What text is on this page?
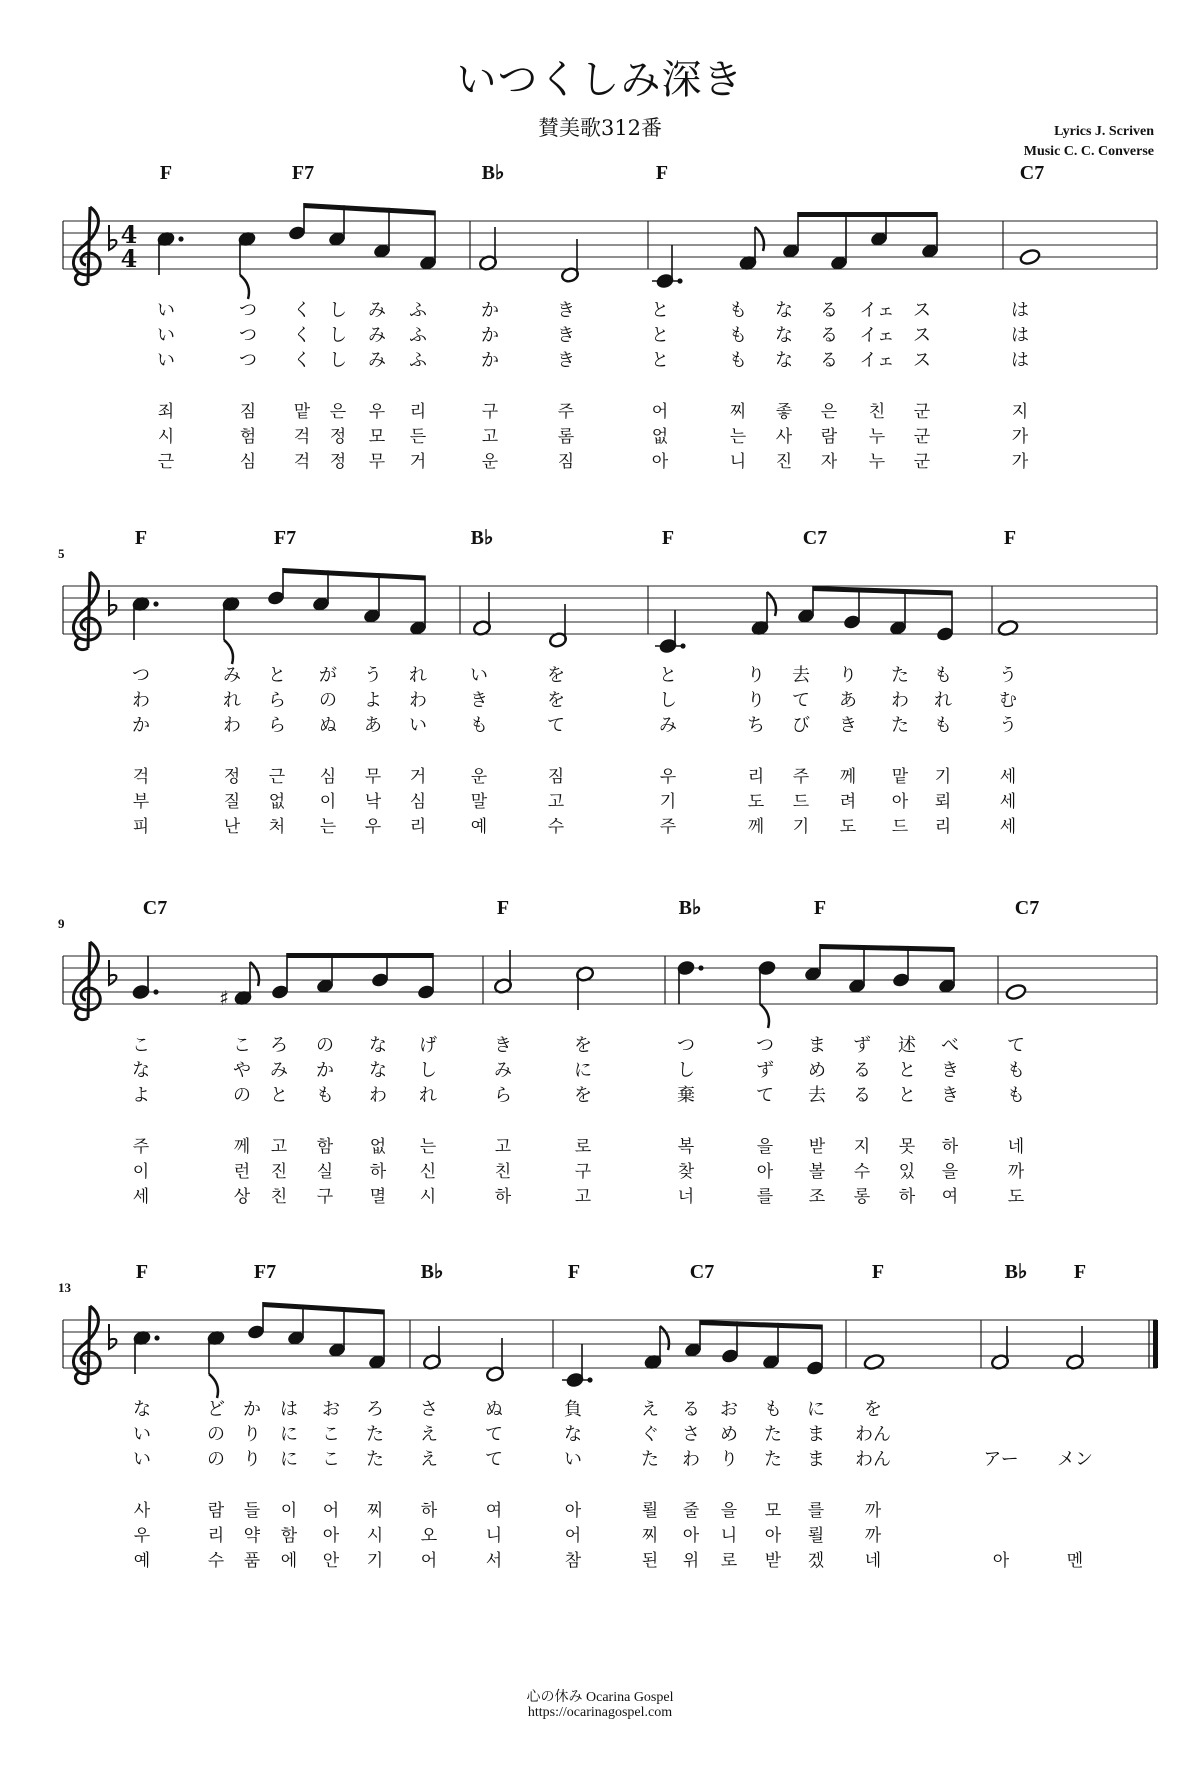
いつくしみ深き
賛美歌312番	Lyrics J. Scriven
Music C. C. Converse
4
4
F	F7	B♭	F	C7
い	つ く し み ふ	か	き	と	も な る イェ ス	は
い	つ く し み ふ	か	き	と	も な る イェ ス	は
い	つ く し み ふ	か	き	と	も な る イェ ス	は
죄	짐 맡 은 우 리	구	주	어	찌 좋 은 친 군	지
시	험 걱 정 모 든	고	롬	없	는 사 람 누 군	가
근	심 걱 정 무 거	운	짐	아	니 진 자 누 군	가
5
F	F7	B♭	F	C7	F
つ	み と が う れ い	を	と	り 去 り た も	う
わ	れ ら の よ わ き	を	し	り て あ わ れ	む
か	わ ら ぬ あ い も	て	み	ち び き た も	う
걱	정 근 심 무 거	운	짐	우	리 주 께 맡 기	세
부	질 없 이 낙 심	말	고	기	도 드 려 아 뢰	세
피	난 처 는 우 리	예	수	주	께 기 도 드 리	세
9
C7	F	B♭	F	C7
♯
こ	こ ろ の な げ	き	を	つ	つ ま ず 述 べ	て
な	や み か な し	み	に	し	ず め る と き	も
よ	の と も わ れ	ら	を	棄	て 去 る と き	も
주	께 고 함 없 는	고	로	복	을 받 지 못 하	네
이	런 진 실 하 신	친	구	찾	아 볼 수 있 을	까
세	상 친 구 멸 시	하	고	너	를 조 롱 하 여	도
13
F	F7	B♭	F	C7	F	B♭ F
な	ど か は お ろ さ	ぬ	負	え る お も に を
い	の り に こ た え	て	な	ぐ さ め た ま わん
い	の り に こ た え	て	い	た わ り た ま わん	アー メン
사	람 들 이 어 찌 하	여	아	뢸 줄 을 모 를 까
우	리 약 함 아 시 오	니	어	찌 아 니 아 뢸 까
예	수 품 에 안 기 어	서	참	된 위 로 받 겠 네	아	멘
心の休み Ocarina Gospel
https://ocarinagospel.com
